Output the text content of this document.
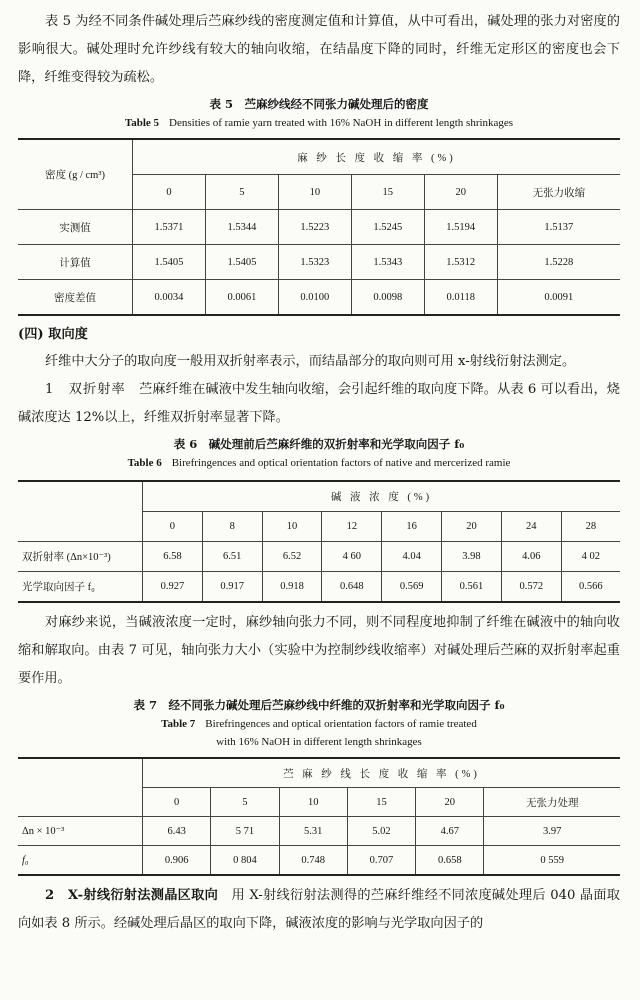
表 5 为经不同条件碱处理后苎麻纱线的密度测定值和计算值，从中可看出，碱处理的张力对密度的影响很大。碱处理时允许纱线有较大的轴向收缩，在结晶度下降的同时，纤维无定形区的密度也会下降，纤维变得较为疏松。

表 5　苎麻纱线经不同张力碱处理后的密度
Table 5 Densities of ramie yarn treated with 16% NaOH in different length shrinkages
密度 (g / cm³)	麻 纱 长 度 收 缩 率 (%)					
	0	5	10	15	20	无张力收缩
实测值	1.5371	1.5344	1.5223	1.5245	1.5194	1.5137
计算值	1.5405	1.5405	1.5323	1.5343	1.5312	1.5228
密度差值	0.0034	0.0061	0.0100	0.0098	0.0118	0.0091
(四) 取向度

纤维中大分子的取向度一般用双折射率表示，而结晶部分的取向则可用 x-射线衍射法测定。

1　双折射率　苎麻纤维在碱液中发生轴向收缩，会引起纤维的取向度下降。从表 6 可以看出，烧碱浓度达 12%以上，纤维双折射率显著下降。

表 6　碱处理前后苎麻纤维的双折射率和光学取向因子 f₀
Table 6 Birefringences and optical orientation factors of native and mercerized ramie
	碱 液 浓 度 (%)							
	0	8	10	12	16	20	24	28
双折射率 (Δn×10⁻³)	6.58	6.51	6.52	4 60	4.04	3.98	4.06	4 02
光学取向因子 f₀	0.927	0.917	0.918	0.648	0.569	0.561	0.572	0.566

对麻纱来说，当碱液浓度一定时，麻纱轴向张力不同，则不同程度地抑制了纤维在碱液中的轴向收缩和解取向。由表 7 可见，轴向张力大小（实验中为控制纱线收缩率）对碱处理后苎麻的双折射率起重要作用。

表 7　经不同张力碱处理后苎麻纱线中纤维的双折射率和光学取向因子 f₀
Table 7 Birefringences and optical orientation factors of ramie treated
with 16% NaOH in different length shrinkages
	苎 麻 纱 线 长 度 收 缩 率 (%)					
	0	5	10	15	20	无张力处理
Δn × 10⁻³	6.43	5 71	5.31	5.02	4.67	3.97
f₀	0.906	0 804	0.748	0.707	0.658	0 559

2　X-射线衍射法测晶区取向　用 X-射线衍射法测得的苎麻纤维经不同浓度碱处理后 040 晶面取向如表 8 所示。经碱处理后晶区的取向下降，碱液浓度的影响与光学取向因子的
